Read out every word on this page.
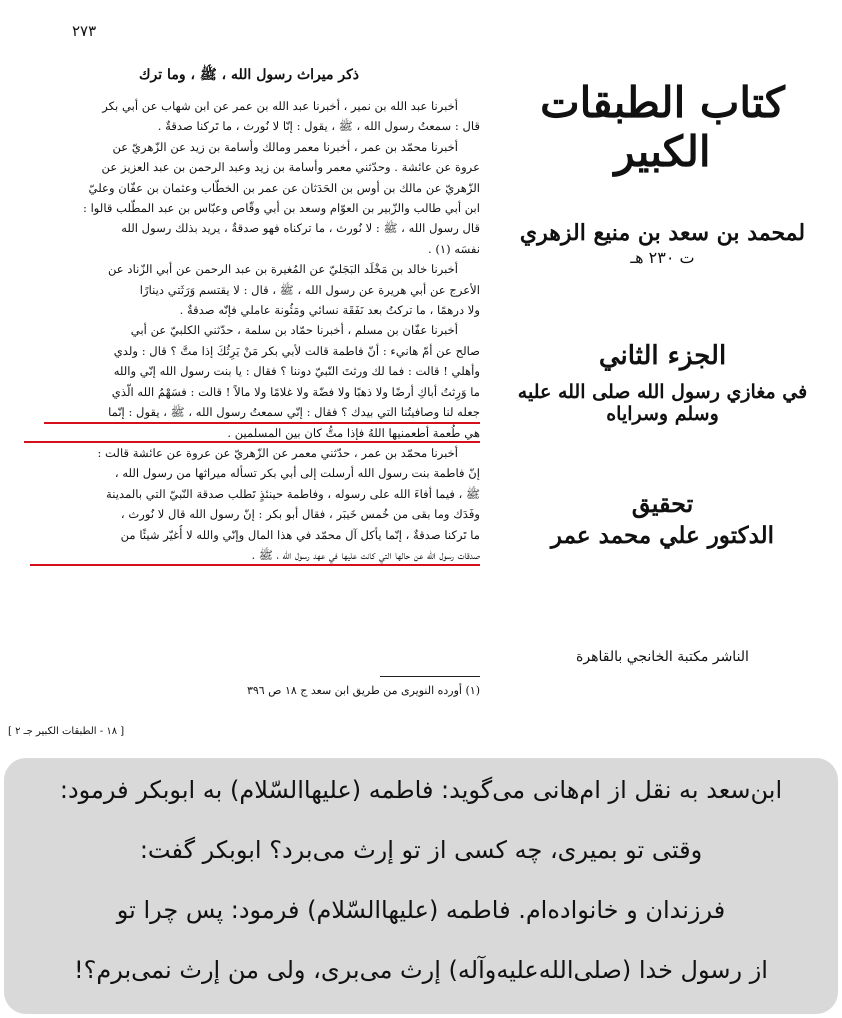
٢٧٣
ذكر ميراث رسول الله ، ﷺ ، وما ترك

أخبرنا عبد الله بن نمير ، أخبرنا عبد الله بن عمر عن ابن شهاب عن أبي بكر

قال : سمعتُ رسول الله ، ﷺ ، يقول : إنّا لا نُورث ، ما تَركنا صدقةٌ .

أخبرنا محمّد بن عمر ، أخبرنا معمر ومالك وأسامة بن زيد عن الزّهريّ عن

عروة عن عائشة . وحدّثني معمر وأسامة بن زيد وعبد الرحمن بن عبد العزيز عن

الزّهريّ عن مالك بن أوس بن الحَدَثان عن عمر بن الخطّاب وعثمان بن عفّان وعليّ

ابن أبي طالب والزّبير بن العوّام وسعد بن أبي وقّاص وعبّاس بن عبد المطّلب قالوا :

قال رسول الله ، ﷺ : لا نُورث ، ما تركناه فهو صدقةٌ ، يريد بذلك رسول الله

نفسَه (١) .

أخبرنا خالد بن مَخْلَد البَجَليّ عن المُغيرة بن عبد الرحمن عن أبي الزّناد عن

الأعرج عن أبي هريرة عن رسول الله ، ﷺ ، قال : لا يقتسم وَرَثَتي دينارًا

ولا درهمًا ، ما تركتُ بعد نَفَقَة نسائي ومَئُونة عاملي فإنّه صدقةٌ .

أخبرنا عفّان بن مسلم ، أخبرنا حمّاد بن سلمة ، حدّثني الكلبيّ عن أبي

صالح عن أمّ هانيء : أنّ فاطمة قالت لأبي بكر مَنْ يَرِثُكَ إذا متَّ ؟ قال : ولدي

وأهلي ! قالت : فما لك ورثتَ النّبيّ دوننا ؟ فقال : يا بنت رسول الله إنّي والله

ما وَرِثتُ أباكِ أرضًا ولا ذهبًا ولا فضّة ولا غلامًا ولا مالاً ! قالت : فسَهْمُ الله الّذي

جعله لنا وصافيتُنا التي بيدك ؟ فقال : إنّي سمعتُ رسول الله ، ﷺ ، يقول : إنّما

هي طُعمة أطعمنيها اللهُ فإذا متُّ كان بين المسلمين .

أخبرنا محمّد بن عمر ، حدّثني معمر عن الزّهريّ عن عروة عن عائشة قالت :

إنّ فاطمة بنت رسول الله أرسلت إلى أبي بكر تسأله ميراثها من رسول الله ،

ﷺ ، فيما أفاءَ الله على رسوله ، وفاطمة حينئذٍ تَطلب صدقة النّبيّ التي بالمدينة

وفَدَك وما بقى من خُمس خَيبَر ، فقال أبو بكر : إنّ رسول الله قال لا نُورث ،

ما تَركنا صدقةٌ ، إنّما يأكل آل محمّد في هذا المال وإنّي والله لا أُغيّر شيئًا من

صدقات رسول الله عن حالها التي كانت عليها في عهد رسول الله ، ﷺ .

(١) أورده النويرى من طريق ابن سعد ج ١٨ ص ٣٩٦
[ ١٨ - الطبقات الكبير جـ ٢ ]
كتاب الطبقات الكبير
لمحمد بن سعد بن منيع الزهري
ت ٢٣٠ هـ
الجزء الثاني
في مغازي رسول الله صلى الله عليه وسلم وسراياه
تحقيق
الدكتور علي محمد عمر
الناشر مكتبة الخانجي بالقاهرة
ابن‌سعد به نقل از ام‌هانی می‌گوید: فاطمه (علیهاالسّلام) به ابوبکر فرمود:
وقتی تو بمیری، چه کسی از تو إرث می‌برد؟ ابوبکر گفت:
فرزندان و خانواده‌ام. فاطمه (علیهاالسّلام) فرمود: پس چرا تو
از رسول خدا (صلی‌الله‌علیه‌وآله) إرث می‌بری، ولی من إرث نمی‌برم؟!
